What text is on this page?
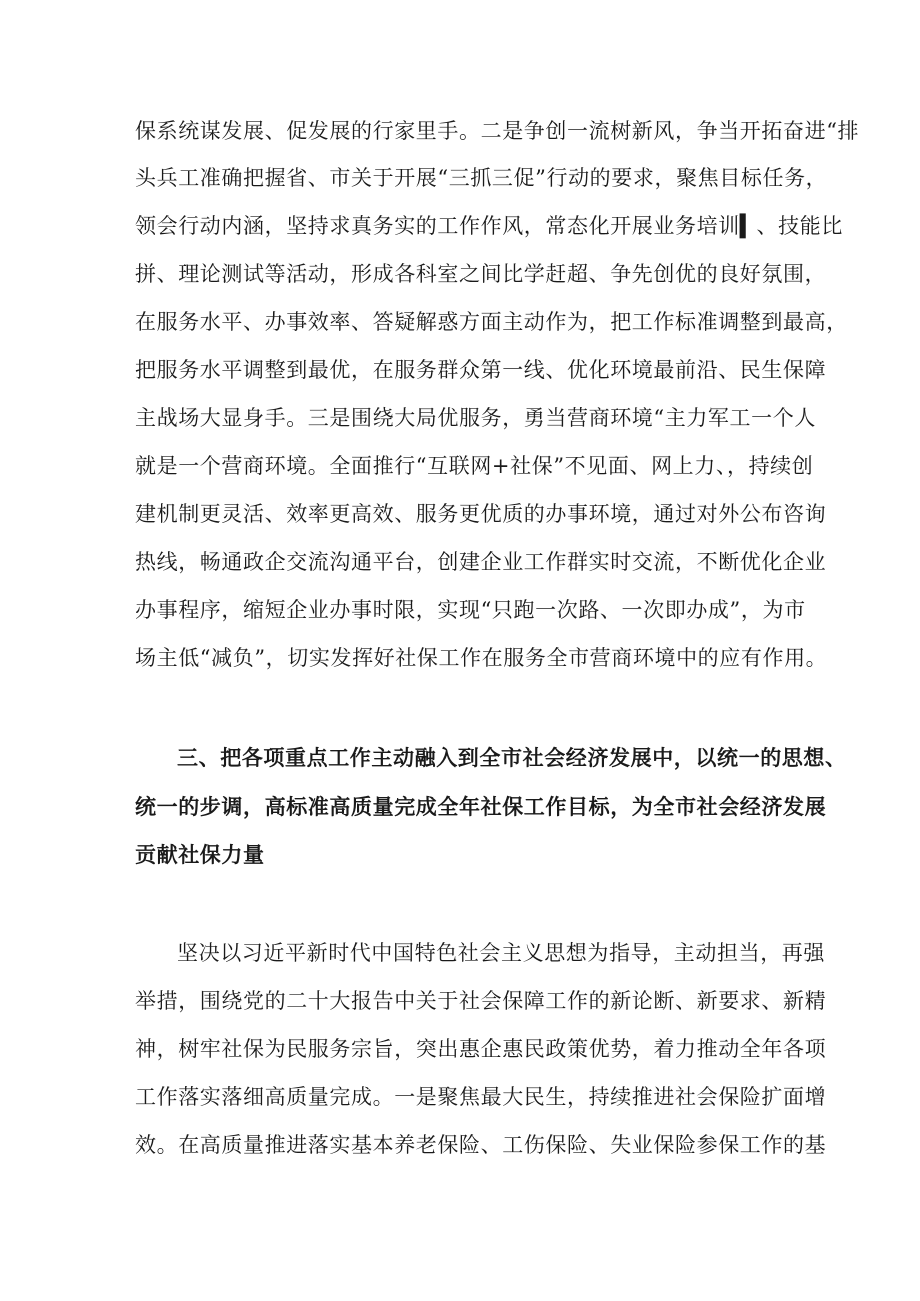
保系统谋发展、促发展的行家里手。二是争创一流树新风，争当开拓奋进“排
头兵工准确把握省、市关于开展“三抓三促”行动的要求，聚焦目标任务，
领会行动内涵，坚持求真务实的工作作风，常态化开展业务培训▍、技能比
拼、理论测试等活动，形成各科室之间比学赶超、争先创优的良好氛围，
在服务水平、办事效率、答疑解惑方面主动作为，把工作标准调整到最高，
把服务水平调整到最优，在服务群众第一线、优化环境最前沿、民生保障
主战场大显身手。三是围绕大局优服务，勇当营商环境“主力军工一个人
就是一个营商环境。全面推行“互联网+社保”不见面、网上力、，持续创
建机制更灵活、效率更高效、服务更优质的办事环境，通过对外公布咨询
热线，畅通政企交流沟通平台，创建企业工作群实时交流，不断优化企业
办事程序，缩短企业办事时限，实现“只跑一次路、一次即办成”，为市
场主低“减负”，切实发挥好社保工作在服务全市营商环境中的应有作用。
三、把各项重点工作主动融入到全市社会经济发展中，以统一的思想、
统一的步调，高标准高质量完成全年社保工作目标，为全市社会经济发展
贡献社保力量
坚决以习近平新时代中国特色社会主义思想为指导，主动担当，再强
举措，围绕党的二十大报告中关于社会保障工作的新论断、新要求、新精
神，树牢社保为民服务宗旨，突出惠企惠民政策优势，着力推动全年各项
工作落实落细高质量完成。一是聚焦最大民生，持续推进社会保险扩面增
效。在高质量推进落实基本养老保险、工伤保险、失业保险参保工作的基
